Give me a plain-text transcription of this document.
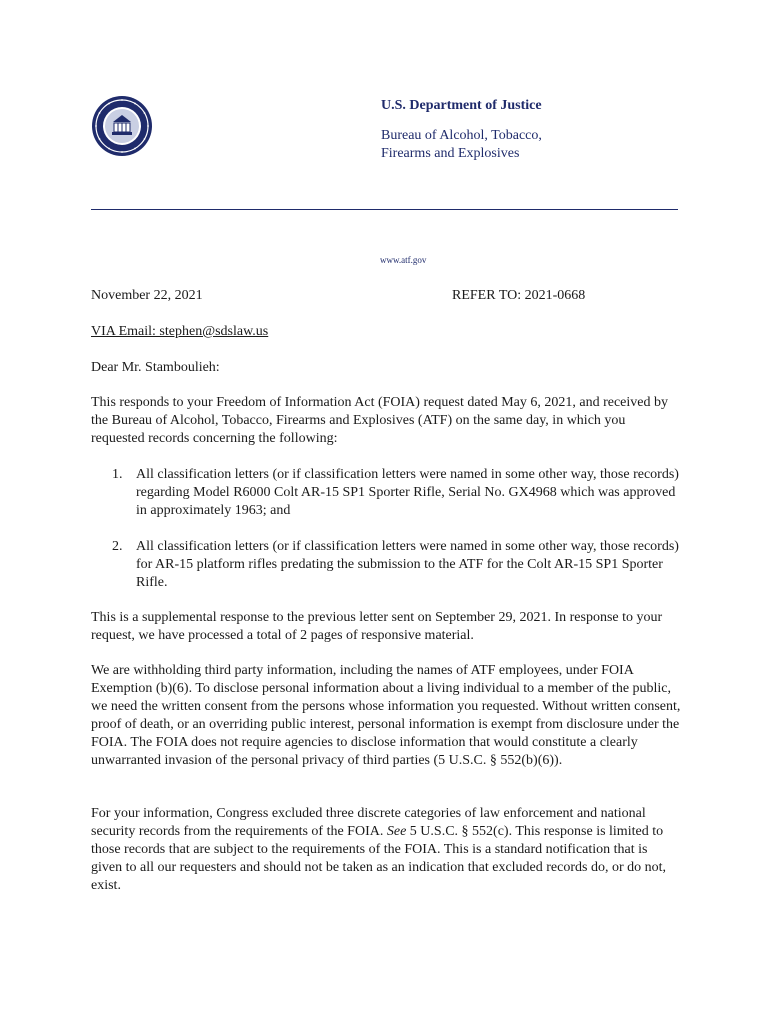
U.S. Department of Justice
Bureau of Alcohol, Tobacco,
Firearms and Explosives
www.atf.gov
November 22, 2021	REFER TO: 2021-0668
VIA Email: stephen@sdslaw.us
Dear Mr. Stamboulieh:

This responds to your Freedom of Information Act (FOIA) request dated May 6, 2021, and received by the Bureau of Alcohol, Tobacco, Firearms and Explosives (ATF) on the same day, in which you requested records concerning the following:

1. All classification letters (or if classification letters were named in some other way, those records) regarding Model R6000 Colt AR-15 SP1 Sporter Rifle, Serial No. GX4968 which was approved in approximately 1963; and
2. All classification letters (or if classification letters were named in some other way, those records) for AR-15 platform rifles predating the submission to the ATF for the Colt AR-15 SP1 Sporter Rifle.

This is a supplemental response to the previous letter sent on September 29, 2021. In response to your request, we have processed a total of 2 pages of responsive material.

We are withholding third party information, including the names of ATF employees, under FOIA Exemption (b)(6). To disclose personal information about a living individual to a member of the public, we need the written consent from the persons whose information you requested. Without written consent, proof of death, or an overriding public interest, personal information is exempt from disclosure under the FOIA. The FOIA does not require agencies to disclose information that would constitute a clearly unwarranted invasion of the personal privacy of third parties (5 U.S.C. § 552(b)(6)).

For your information, Congress excluded three discrete categories of law enforcement and national security records from the requirements of the FOIA. See 5 U.S.C. § 552(c). This response is limited to those records that are subject to the requirements of the FOIA. This is a standard notification that is given to all our requesters and should not be taken as an indication that excluded records do, or do not, exist.
